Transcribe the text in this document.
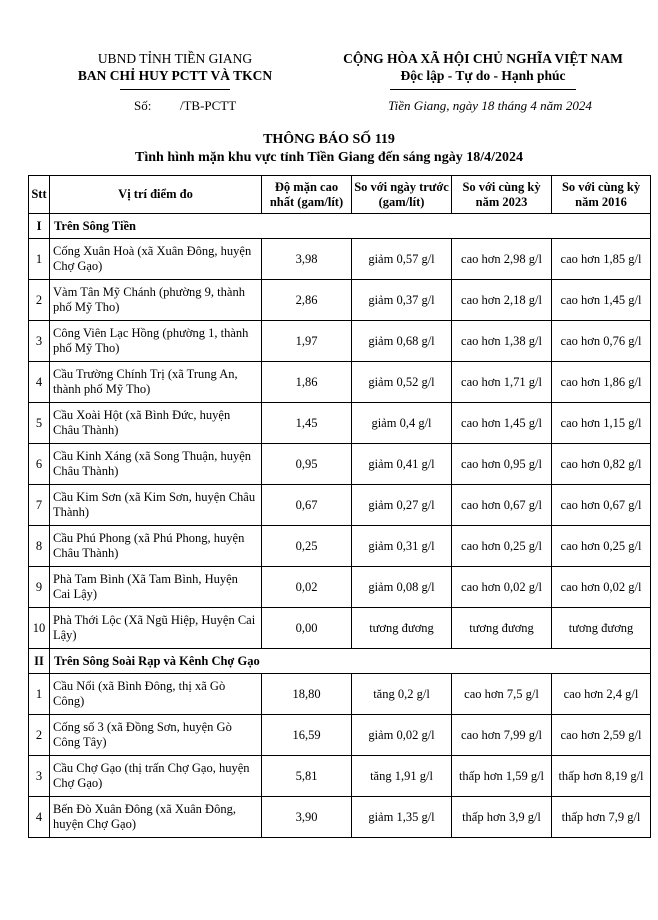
UBND TỈNH TIỀN GIANG
BAN CHỈ HUY PCTT VÀ TKCN
CỘNG HÒA XÃ HỘI CHỦ NGHĨA VIỆT NAM
Độc lập - Tự do - Hạnh phúc
Số: /TB-PCTT	Tiền Giang, ngày 18 tháng 4 năm 2024
THÔNG BÁO SỐ 119
Tình hình mặn khu vực tỉnh Tiền Giang đến sáng ngày 18/4/2024
Stt	Vị trí điểm đo	Độ mặn cao nhất (gam/lít)	So với ngày trước (gam/lít)	So với cùng kỳ năm 2023	So với cùng kỳ năm 2016
I	Trên Sông Tiền				
1	Cống Xuân Hoà (xã Xuân Đông, huyện Chợ Gạo)	3,98	giảm 0,57 g/l	cao hơn 2,98 g/l	cao hơn 1,85 g/l
2	Vàm Tân Mỹ Chánh (phường 9, thành phố Mỹ Tho)	2,86	giảm 0,37 g/l	cao hơn 2,18 g/l	cao hơn 1,45 g/l
3	Công Viên Lạc Hồng (phường 1, thành phố Mỹ Tho)	1,97	giảm 0,68 g/l	cao hơn 1,38 g/l	cao hơn 0,76 g/l
4	Cầu Trường Chính Trị (xã Trung An, thành phố Mỹ Tho)	1,86	giảm 0,52 g/l	cao hơn 1,71 g/l	cao hơn 1,86 g/l
5	Cầu Xoài Hột (xã Bình Đức, huyện Châu Thành)	1,45	giảm 0,4 g/l	cao hơn 1,45 g/l	cao hơn 1,15 g/l
6	Cầu Kinh Xáng (xã Song Thuận, huyện Châu Thành)	0,95	giảm 0,41 g/l	cao hơn 0,95 g/l	cao hơn 0,82 g/l
7	Cầu Kim Sơn (xã Kim Sơn, huyện Châu Thành)	0,67	giảm 0,27 g/l	cao hơn 0,67 g/l	cao hơn 0,67 g/l
8	Cầu Phú Phong (xã Phú Phong, huyện Châu Thành)	0,25	giảm 0,31 g/l	cao hơn 0,25 g/l	cao hơn 0,25 g/l
9	Phà Tam Bình (Xã Tam Bình, Huyện Cai Lậy)	0,02	giảm 0,08 g/l	cao hơn 0,02 g/l	cao hơn 0,02 g/l
10	Phà Thới Lộc (Xã Ngũ Hiệp, Huyện Cai Lậy)	0,00	tương đương	tương đương	tương đương
II	Trên Sông Soài Rạp và Kênh Chợ Gạo				
1	Cầu Nổi (xã Bình Đông, thị xã Gò Công)	18,80	tăng 0,2 g/l	cao hơn 7,5 g/l	cao hơn 2,4 g/l
2	Cống số 3 (xã Đồng Sơn, huyện Gò Công Tây)	16,59	giảm 0,02 g/l	cao hơn 7,99 g/l	cao hơn 2,59 g/l
3	Cầu Chợ Gạo (thị trấn Chợ Gạo, huyện Chợ Gạo)	5,81	tăng 1,91 g/l	thấp hơn 1,59 g/l	thấp hơn 8,19 g/l
4	Bến Đò Xuân Đông (xã Xuân Đông, huyện Chợ Gạo)	3,90	giảm 1,35 g/l	thấp hơn 3,9 g/l	thấp hơn 7,9 g/l
